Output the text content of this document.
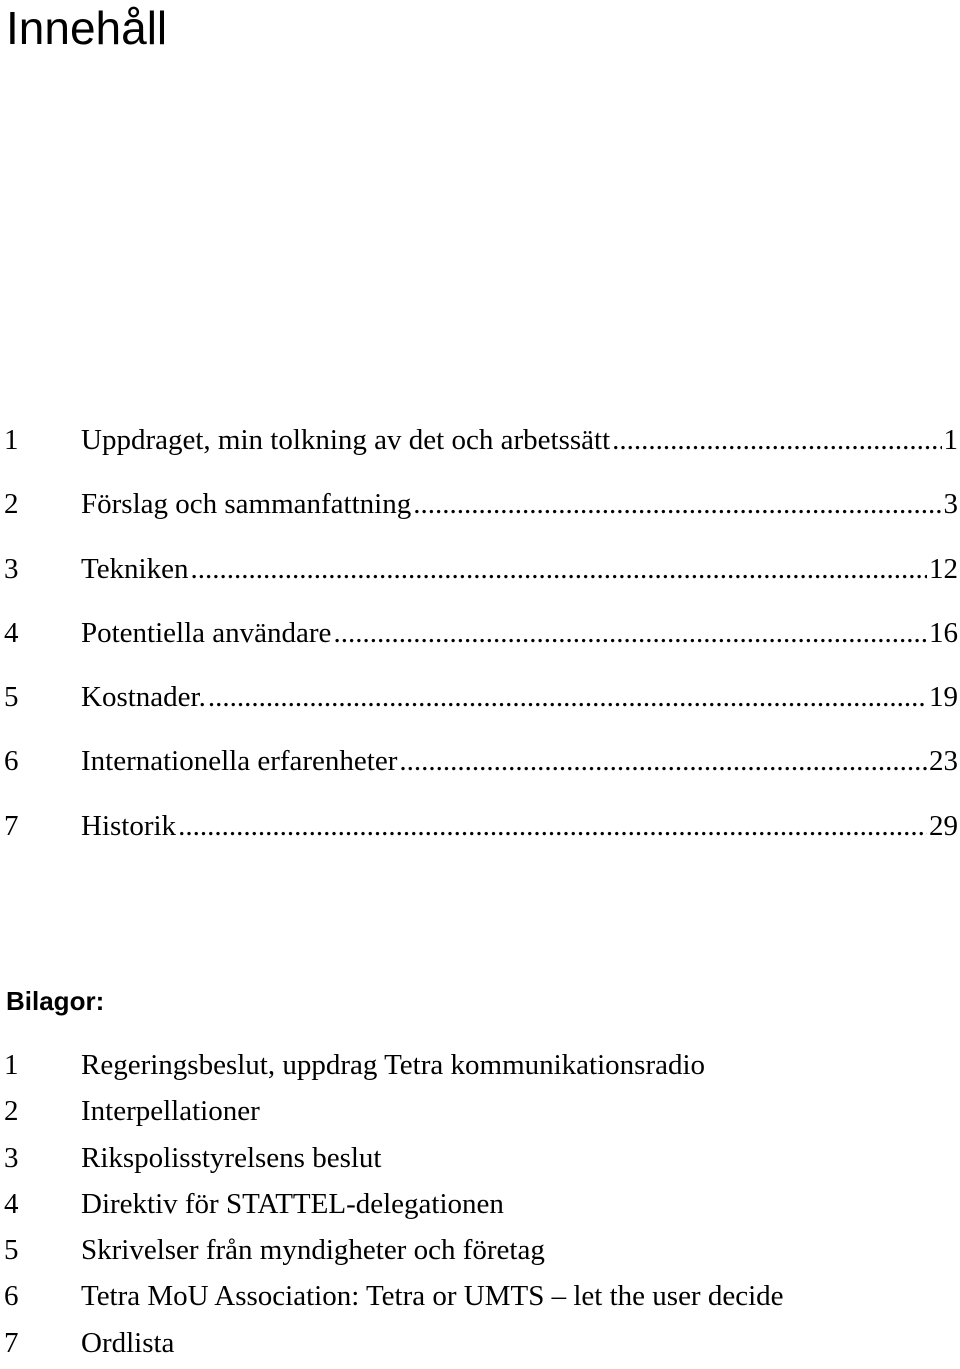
Innehåll
1 Uppdraget, min tolkning av det och arbetssätt .....	1
2 Förslag och sammanfattning .....	3
3 Tekniken .....	12
4 Potentiella användare .....	16
5 Kostnader. .....	19
6 Internationella erfarenheter .....	23
7 Historik .....	29
Bilagor:
1 Regeringsbeslut, uppdrag Tetra kommunikationsradio
2 Interpellationer
3 Rikspolisstyrelsens beslut
4 Direktiv för STATTEL-delegationen
5 Skrivelser från myndigheter och företag
6 Tetra MoU Association: Tetra or UMTS – let the user decide
7 Ordlista
